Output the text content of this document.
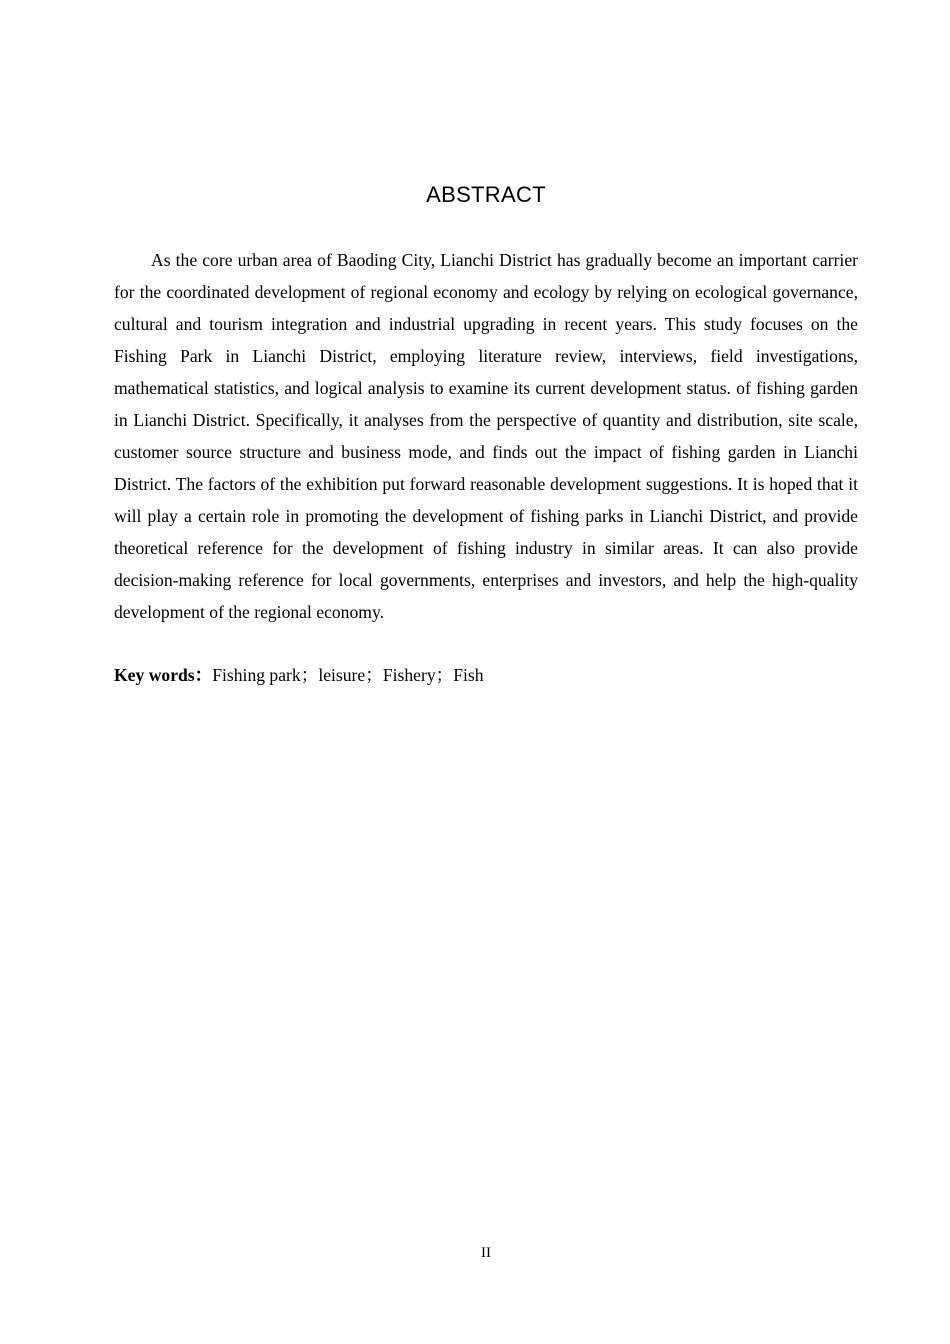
ABSTRACT

As the core urban area of Baoding City, Lianchi District has gradually become an important carrier for the coordinated development of regional economy and ecology by relying on ecological governance, cultural and tourism integration and industrial upgrading in recent years. This study focuses on the Fishing Park in Lianchi District, employing literature review, interviews, field investigations, mathematical statistics, and logical analysis to examine its current development status. of fishing garden in Lianchi District. Specifically, it analyses from the perspective of quantity and distribution, site scale, customer source structure and business mode, and finds out the impact of fishing garden in Lianchi District. The factors of the exhibition put forward reasonable development suggestions. It is hoped that it will play a certain role in promoting the development of fishing parks in Lianchi District, and provide theoretical reference for the development of fishing industry in similar areas. It can also provide decision-making reference for local governments, enterprises and investors, and help the high-quality development of the regional economy.

Key words：Fishing park；leisure；Fishery；Fish
II
